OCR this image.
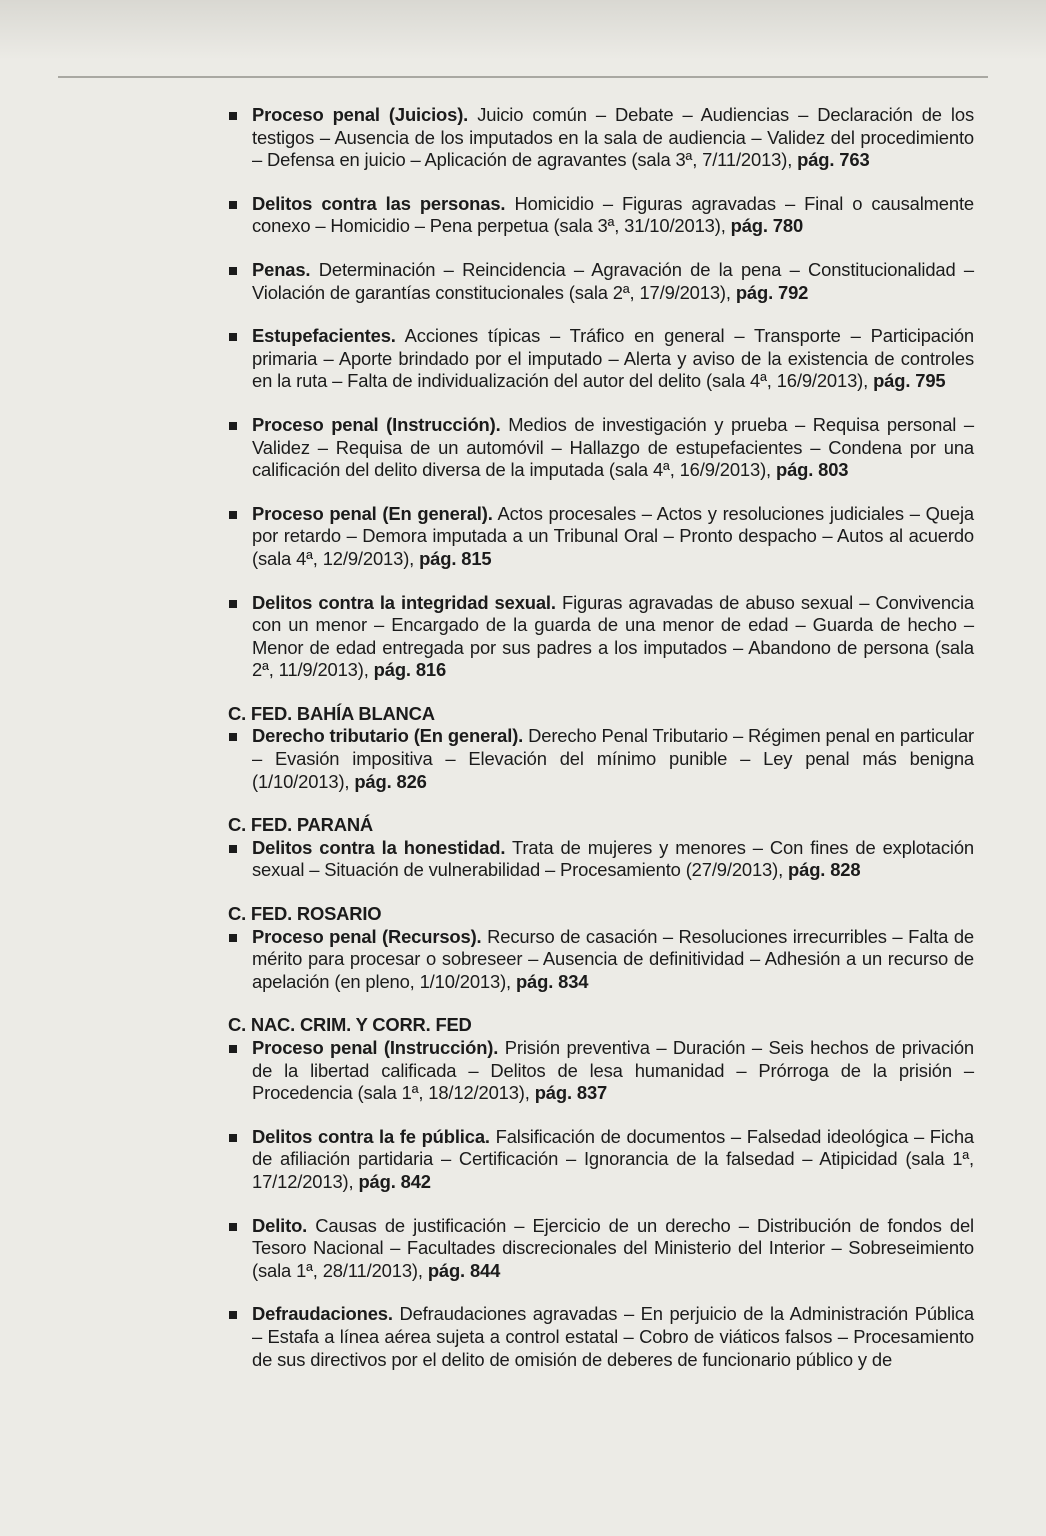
Proceso penal (Juicios). Juicio común – Debate – Audiencias – Declaración de los testigos – Ausencia de los imputados en la sala de audiencia – Validez del procedimiento – Defensa en juicio – Aplicación de agravantes (sala 3ª, 7/11/2013), pág. 763
Delitos contra las personas. Homicidio – Figuras agravadas – Final o causalmente conexo – Homicidio – Pena perpetua (sala 3ª, 31/10/2013), pág. 780
Penas. Determinación – Reincidencia – Agravación de la pena – Constitucionalidad – Violación de garantías constitucionales (sala 2ª, 17/9/2013), pág. 792
Estupefacientes. Acciones típicas – Tráfico en general – Transporte – Participación primaria – Aporte brindado por el imputado – Alerta y aviso de la existencia de controles en la ruta – Falta de individualización del autor del delito (sala 4ª, 16/9/2013), pág. 795
Proceso penal (Instrucción). Medios de investigación y prueba – Requisa personal – Validez – Requisa de un automóvil – Hallazgo de estupefacientes – Condena por una calificación del delito diversa de la imputada (sala 4ª, 16/9/2013), pág. 803
Proceso penal (En general). Actos procesales – Actos y resoluciones judiciales – Queja por retardo – Demora imputada a un Tribunal Oral – Pronto despacho – Autos al acuerdo (sala 4ª, 12/9/2013), pág. 815
Delitos contra la integridad sexual. Figuras agravadas de abuso sexual – Convivencia con un menor – Encargado de la guarda de una menor de edad – Guarda de hecho – Menor de edad entregada por sus padres a los imputados – Abandono de persona (sala 2ª, 11/9/2013), pág. 816
C. FED. BAHÍA BLANCA
Derecho tributario (En general). Derecho Penal Tributario – Régimen penal en particular – Evasión impositiva – Elevación del mínimo punible – Ley penal más benigna (1/10/2013), pág. 826
C. FED. PARANÁ
Delitos contra la honestidad. Trata de mujeres y menores – Con fines de explotación sexual – Situación de vulnerabilidad – Procesamiento (27/9/2013), pág. 828
C. FED. ROSARIO
Proceso penal (Recursos). Recurso de casación – Resoluciones irrecurribles – Falta de mérito para procesar o sobreseer – Ausencia de definitividad – Adhesión a un recurso de apelación (en pleno, 1/10/2013), pág. 834
C. NAC. CRIM. Y CORR. FED
Proceso penal (Instrucción). Prisión preventiva – Duración – Seis hechos de privación de la libertad calificada – Delitos de lesa humanidad – Prórroga de la prisión – Procedencia (sala 1ª, 18/12/2013), pág. 837
Delitos contra la fe pública. Falsificación de documentos – Falsedad ideológica – Ficha de afiliación partidaria – Certificación – Ignorancia de la falsedad – Atipicidad (sala 1ª, 17/12/2013), pág. 842
Delito. Causas de justificación – Ejercicio de un derecho – Distribución de fondos del Tesoro Nacional – Facultades discrecionales del Ministerio del Interior – Sobreseimiento (sala 1ª, 28/11/2013), pág. 844
Defraudaciones. Defraudaciones agravadas – En perjuicio de la Administración Pública – Estafa a línea aérea sujeta a control estatal – Cobro de viáticos falsos – Procesamiento de sus directivos por el delito de omisión de deberes de funcionario público y de
